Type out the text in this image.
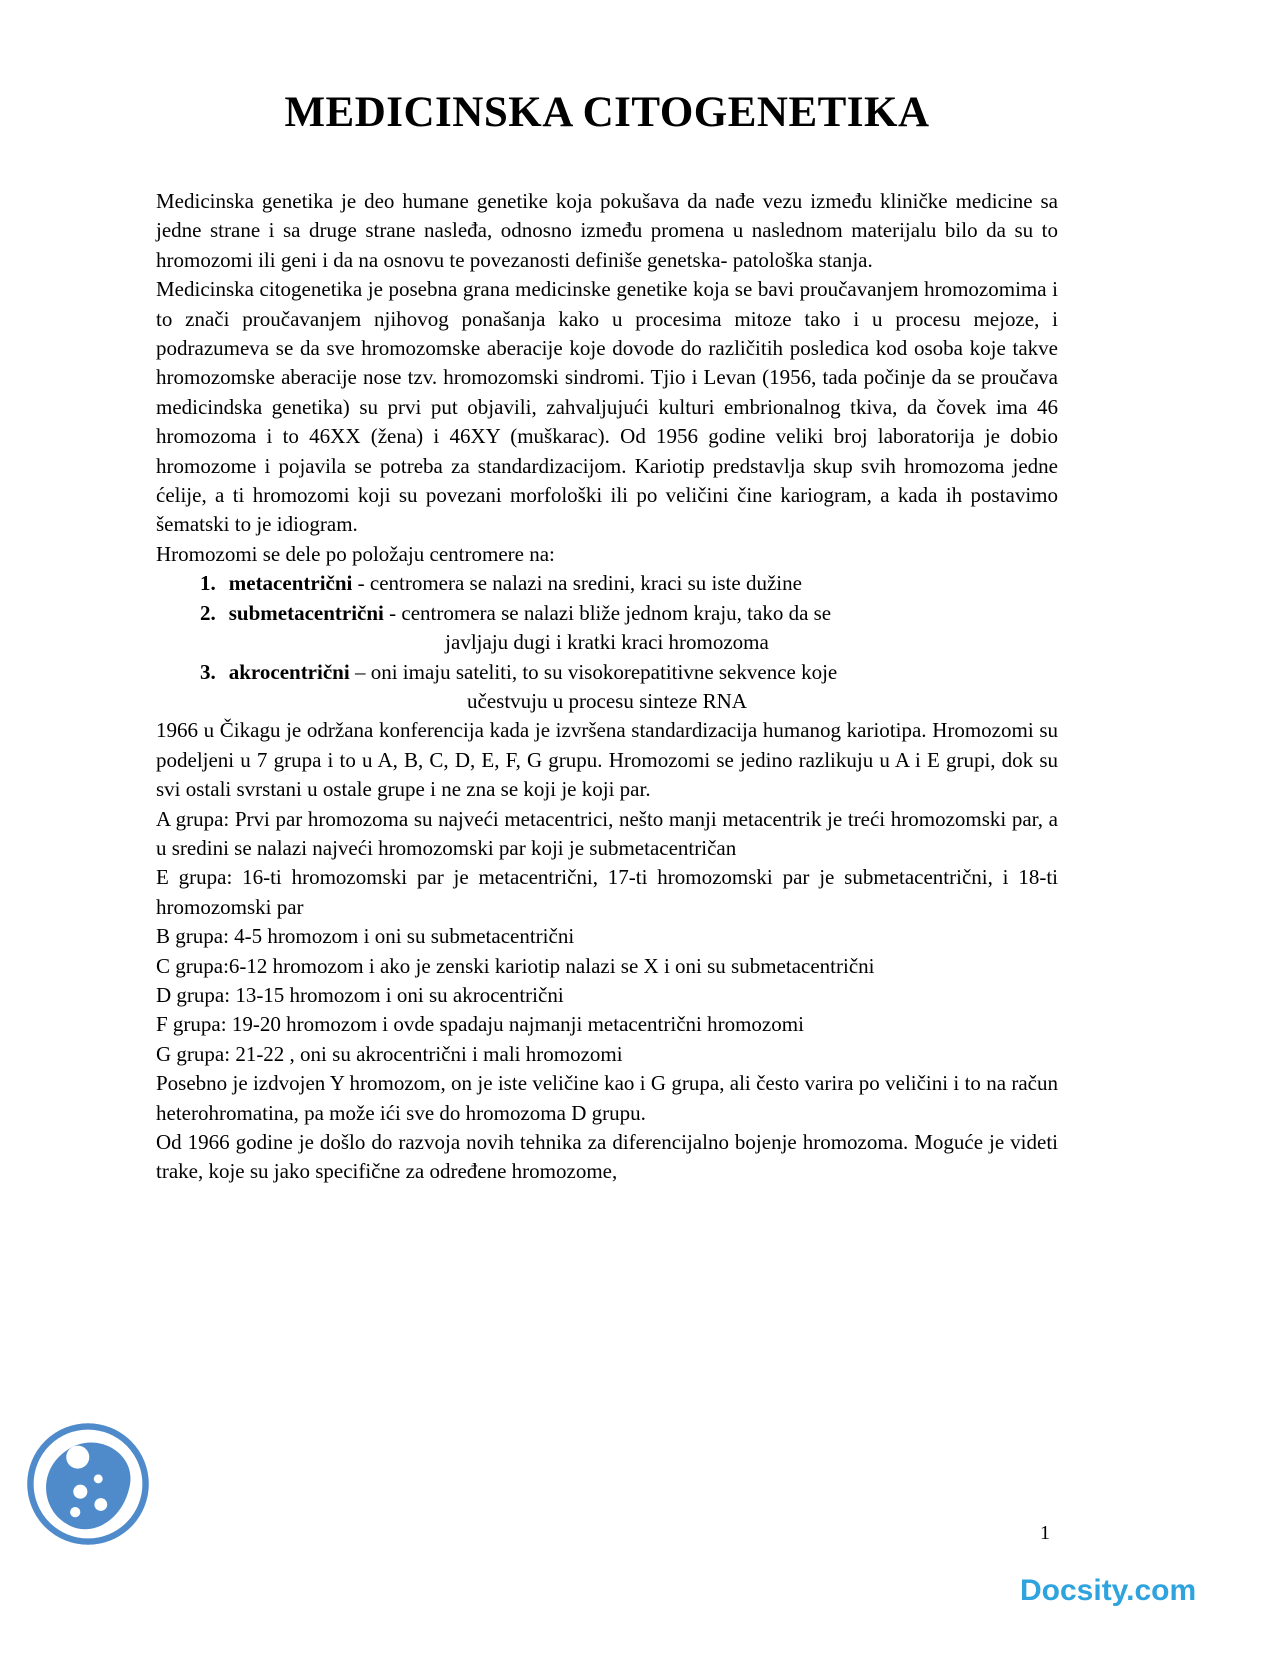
MEDICINSKA CITOGENETIKA

Medicinska genetika je deo humane genetike koja pokušava da nađe vezu između kliničke medicine sa jedne strane i sa druge strane nasleđa, odnosno između promena u naslednom materijalu bilo da su to hromozomi ili geni i da na osnovu te povezanosti definiše genetska- patološka stanja.

Medicinska citogenetika je posebna grana medicinske genetike koja se bavi proučavanjem hromozomima i to znači proučavanjem njihovog ponašanja kako u procesima mitoze tako i u procesu mejoze, i podrazumeva se da sve hromozomske aberacije koje dovode do različitih posledica kod osoba koje takve hromozomske aberacije nose tzv. hromozomski sindromi. Tjio i Levan (1956, tada počinje da se proučava medicindska genetika) su prvi put objavili, zahvaljujući kulturi embrionalnog tkiva, da čovek ima 46 hromozoma i to 46XX (žena) i 46XY (muškarac). Od 1956 godine veliki broj laboratorija je dobio hromozome i pojavila se potreba za standardizacijom. Kariotip predstavlja skup svih hromozoma jedne ćelije, a ti hromozomi koji su povezani morfološki ili po veličini čine kariogram, a kada ih postavimo šematski to je idiogram.

Hromozomi se dele po položaju centromere na:

1. metacentrični - centromera se nalazi na sredini, kraci su iste dužine
2. submetacentrični - centromera se nalazi bliže jednom kraju, tako da se
javljaju dugi i kratki kraci hromozoma
3. akrocentrični – oni imaju sateliti, to su visokorepatitivne sekvence koje
učestvuju u procesu sinteze RNA

1966 u Čikagu je održana konferencija kada je izvršena standardizacija humanog kariotipa. Hromozomi su podeljeni u 7 grupa i to u A, B, C, D, E, F, G grupu. Hromozomi se jedino razlikuju u A i E grupi, dok su svi ostali svrstani u ostale grupe i ne zna se koji je koji par.

A grupa: Prvi par hromozoma su najveći metacentrici, nešto manji metacentrik je treći hromozomski par, a u sredini se nalazi najveći hromozomski par koji je submetacentričan

E grupa: 16-ti hromozomski par je metacentrični, 17-ti hromozomski par je submetacentrični, i 18-ti hromozomski par

B grupa: 4-5 hromozom i oni su submetacentrični

C grupa:6-12 hromozom i ako je zenski kariotip nalazi se X i oni su submetacentrični

D grupa: 13-15 hromozom i oni su akrocentrični

F grupa: 19-20 hromozom i ovde spadaju najmanji metacentrični hromozomi

G grupa: 21-22 , oni su akrocentrični i mali hromozomi

Posebno je izdvojen Y hromozom, on je iste veličine kao i G grupa, ali često varira po veličini i to na račun heterohromatina, pa može ići sve do hromozoma D grupu.

Od 1966 godine je došlo do razvoja novih tehnika za diferencijalno bojenje hromozoma. Moguće je videti trake, koje su jako specifične za određene hromozome,

1
Docsity.com
